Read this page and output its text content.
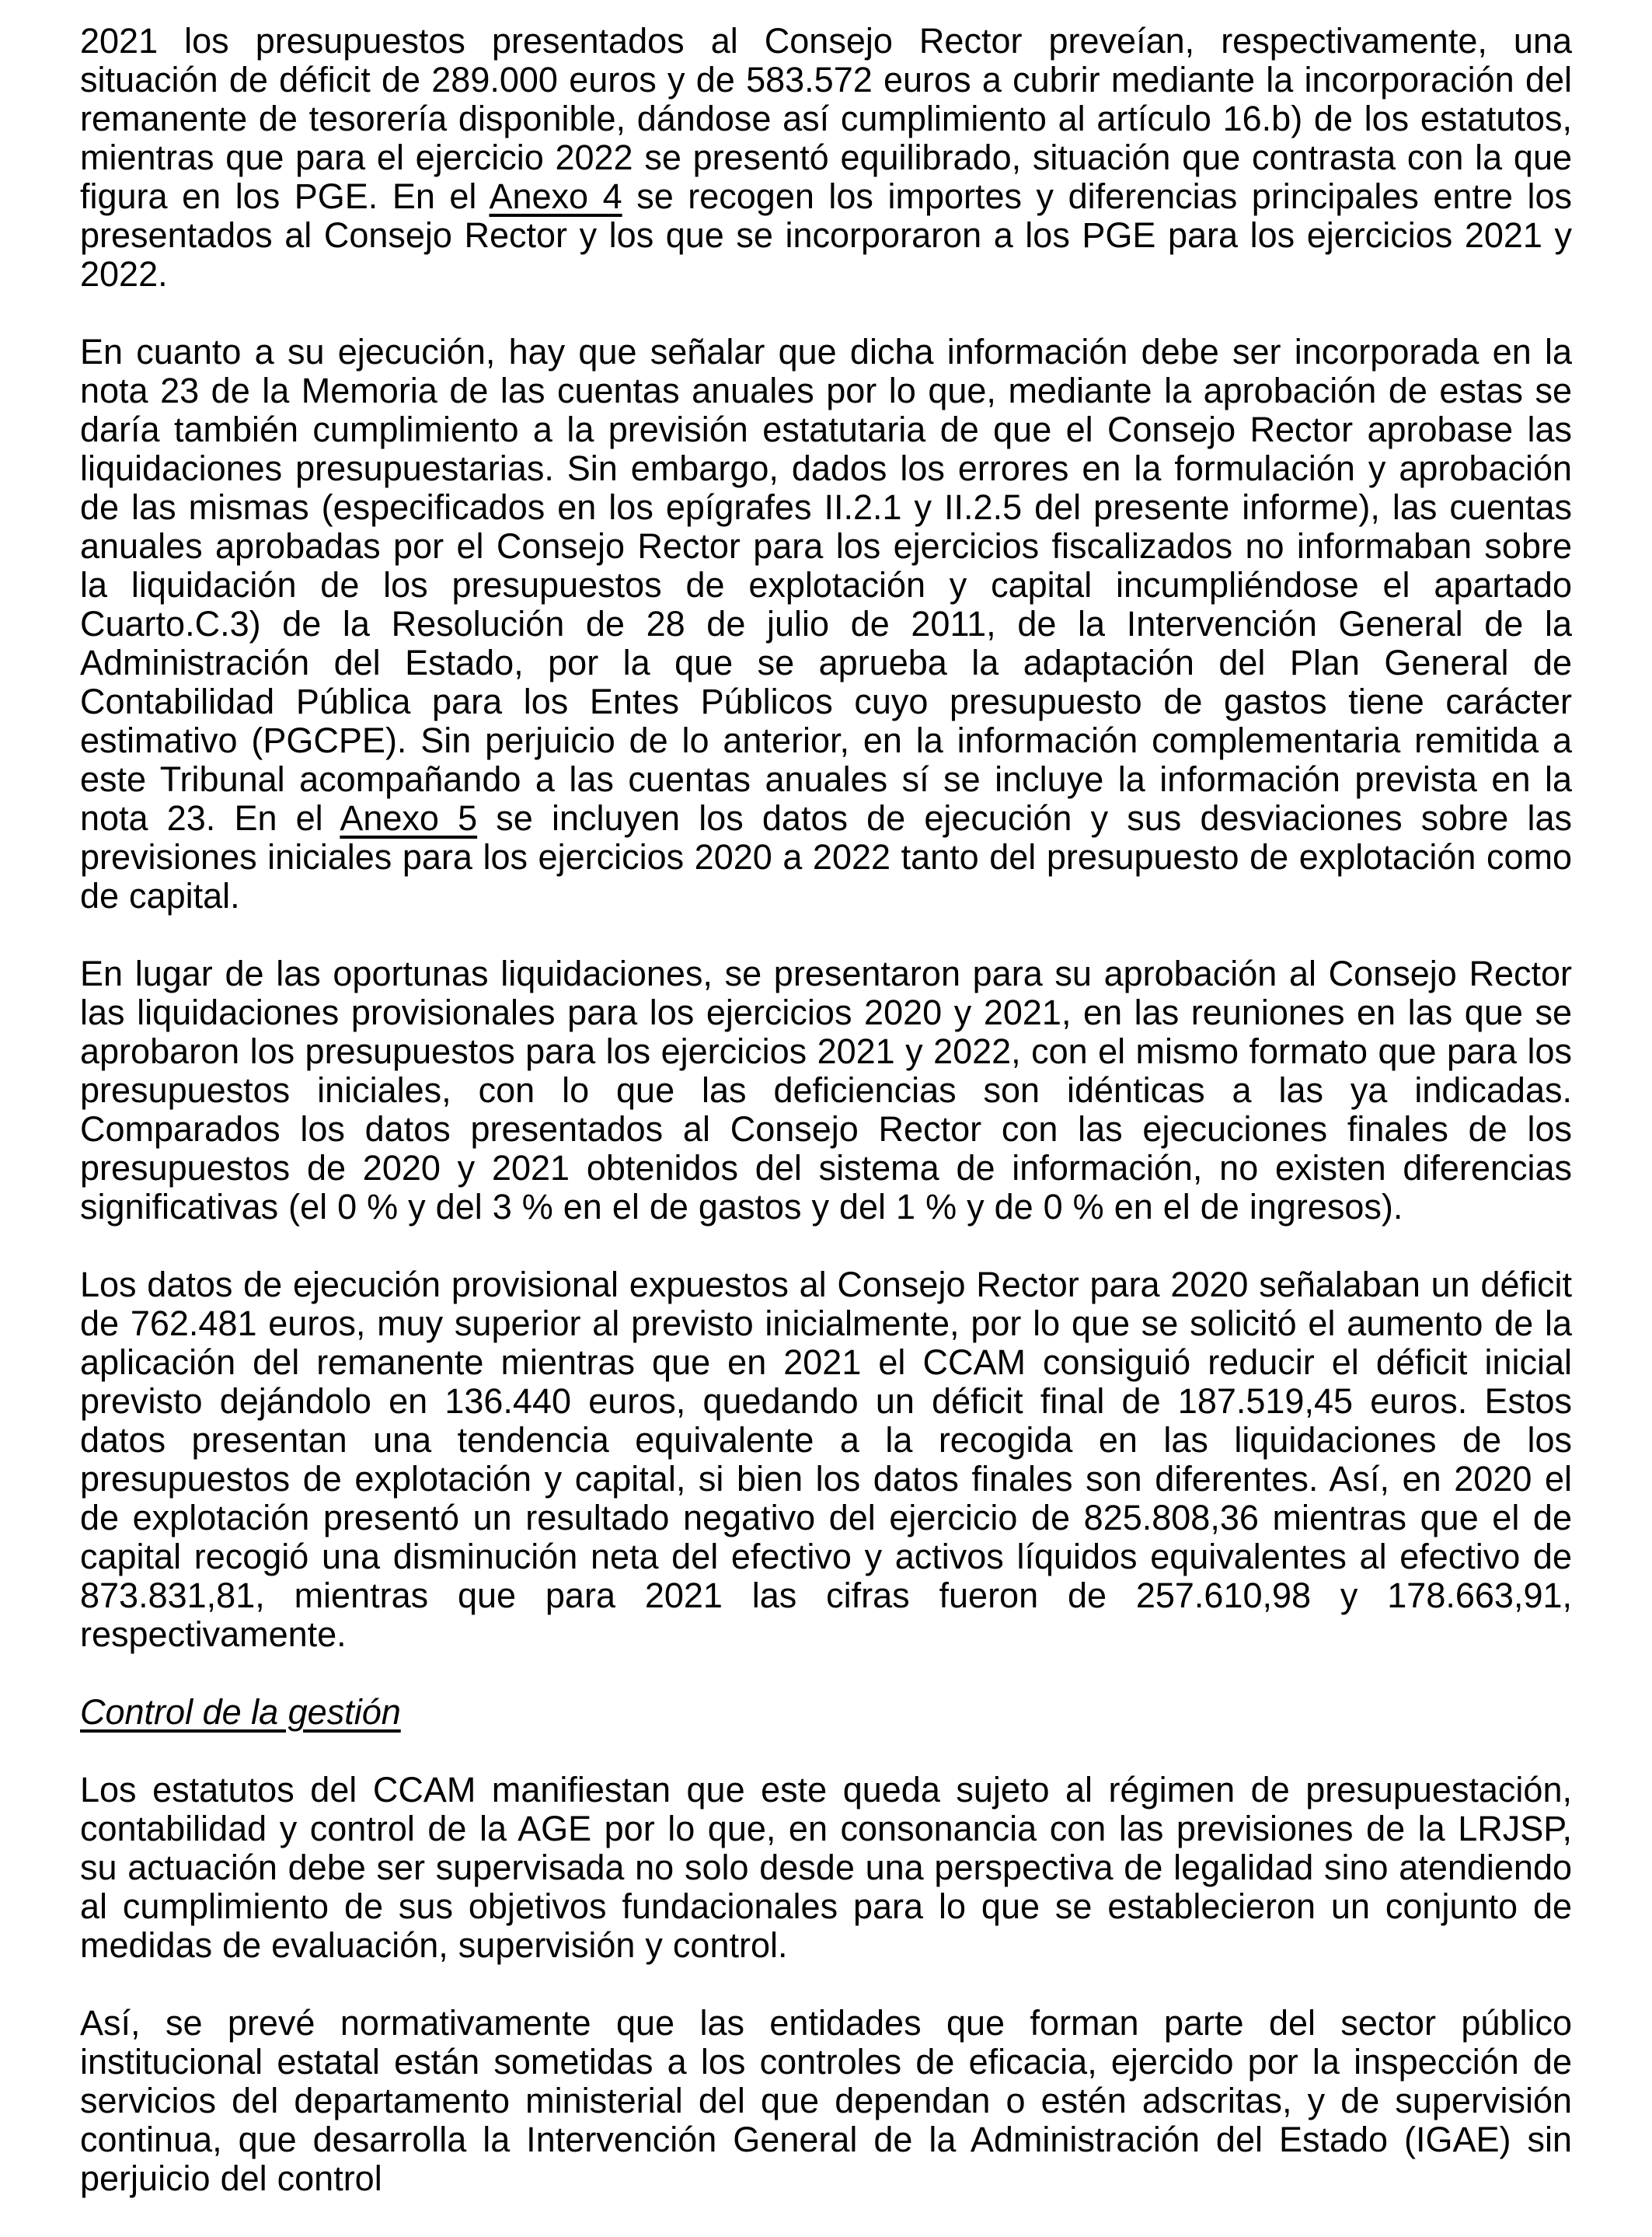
2021 los presupuestos presentados al Consejo Rector preveían, respectivamente, una situación de déficit de 289.000 euros y de 583.572 euros a cubrir mediante la incorporación del remanente de tesorería disponible, dándose así cumplimiento al artículo 16.b) de los estatutos, mientras que para el ejercicio 2022 se presentó equilibrado, situación que contrasta con la que figura en los PGE. En el Anexo 4 se recogen los importes y diferencias principales entre los presentados al Consejo Rector y los que se incorporaron a los PGE para los ejercicios 2021 y 2022.

En cuanto a su ejecución, hay que señalar que dicha información debe ser incorporada en la nota 23 de la Memoria de las cuentas anuales por lo que, mediante la aprobación de estas se daría también cumplimiento a la previsión estatutaria de que el Consejo Rector aprobase las liquidaciones presupuestarias. Sin embargo, dados los errores en la formulación y aprobación de las mismas (especificados en los epígrafes II.2.1 y II.2.5 del presente informe), las cuentas anuales aprobadas por el Consejo Rector para los ejercicios fiscalizados no informaban sobre la liquidación de los presupuestos de explotación y capital incumpliéndose el apartado Cuarto.C.3) de la Resolución de 28 de julio de 2011, de la Intervención General de la Administración del Estado, por la que se aprueba la adaptación del Plan General de Contabilidad Pública para los Entes Públicos cuyo presupuesto de gastos tiene carácter estimativo (PGCPE). Sin perjuicio de lo anterior, en la información complementaria remitida a este Tribunal acompañando a las cuentas anuales sí se incluye la información prevista en la nota 23. En el Anexo 5 se incluyen los datos de ejecución y sus desviaciones sobre las previsiones iniciales para los ejercicios 2020 a 2022 tanto del presupuesto de explotación como de capital.

En lugar de las oportunas liquidaciones, se presentaron para su aprobación al Consejo Rector las liquidaciones provisionales para los ejercicios 2020 y 2021, en las reuniones en las que se aprobaron los presupuestos para los ejercicios 2021 y 2022, con el mismo formato que para los presupuestos iniciales, con lo que las deficiencias son idénticas a las ya indicadas. Comparados los datos presentados al Consejo Rector con las ejecuciones finales de los presupuestos de 2020 y 2021 obtenidos del sistema de información, no existen diferencias significativas (el 0 % y del 3 % en el de gastos y del 1 % y de 0 % en el de ingresos).

Los datos de ejecución provisional expuestos al Consejo Rector para 2020 señalaban un déficit de 762.481 euros, muy superior al previsto inicialmente, por lo que se solicitó el aumento de la aplicación del remanente mientras que en 2021 el CCAM consiguió reducir el déficit inicial previsto dejándolo en 136.440 euros, quedando un déficit final de 187.519,45 euros. Estos datos presentan una tendencia equivalente a la recogida en las liquidaciones de los presupuestos de explotación y capital, si bien los datos finales son diferentes. Así, en 2020 el de explotación presentó un resultado negativo del ejercicio de 825.808,36 mientras que el de capital recogió una disminución neta del efectivo y activos líquidos equivalentes al efectivo de 873.831,81, mientras que para 2021 las cifras fueron de 257.610,98 y 178.663,91, respectivamente.

Control de la gestión

Los estatutos del CCAM manifiestan que este queda sujeto al régimen de presupuestación, contabilidad y control de la AGE por lo que, en consonancia con las previsiones de la LRJSP, su actuación debe ser supervisada no solo desde una perspectiva de legalidad sino atendiendo al cumplimiento de sus objetivos fundacionales para lo que se establecieron un conjunto de medidas de evaluación, supervisión y control.

Así, se prevé normativamente que las entidades que forman parte del sector público institucional estatal están sometidas a los controles de eficacia, ejercido por la inspección de servicios del departamento ministerial del que dependan o estén adscritas, y de supervisión continua, que desarrolla la Intervención General de la Administración del Estado (IGAE) sin perjuicio del control
